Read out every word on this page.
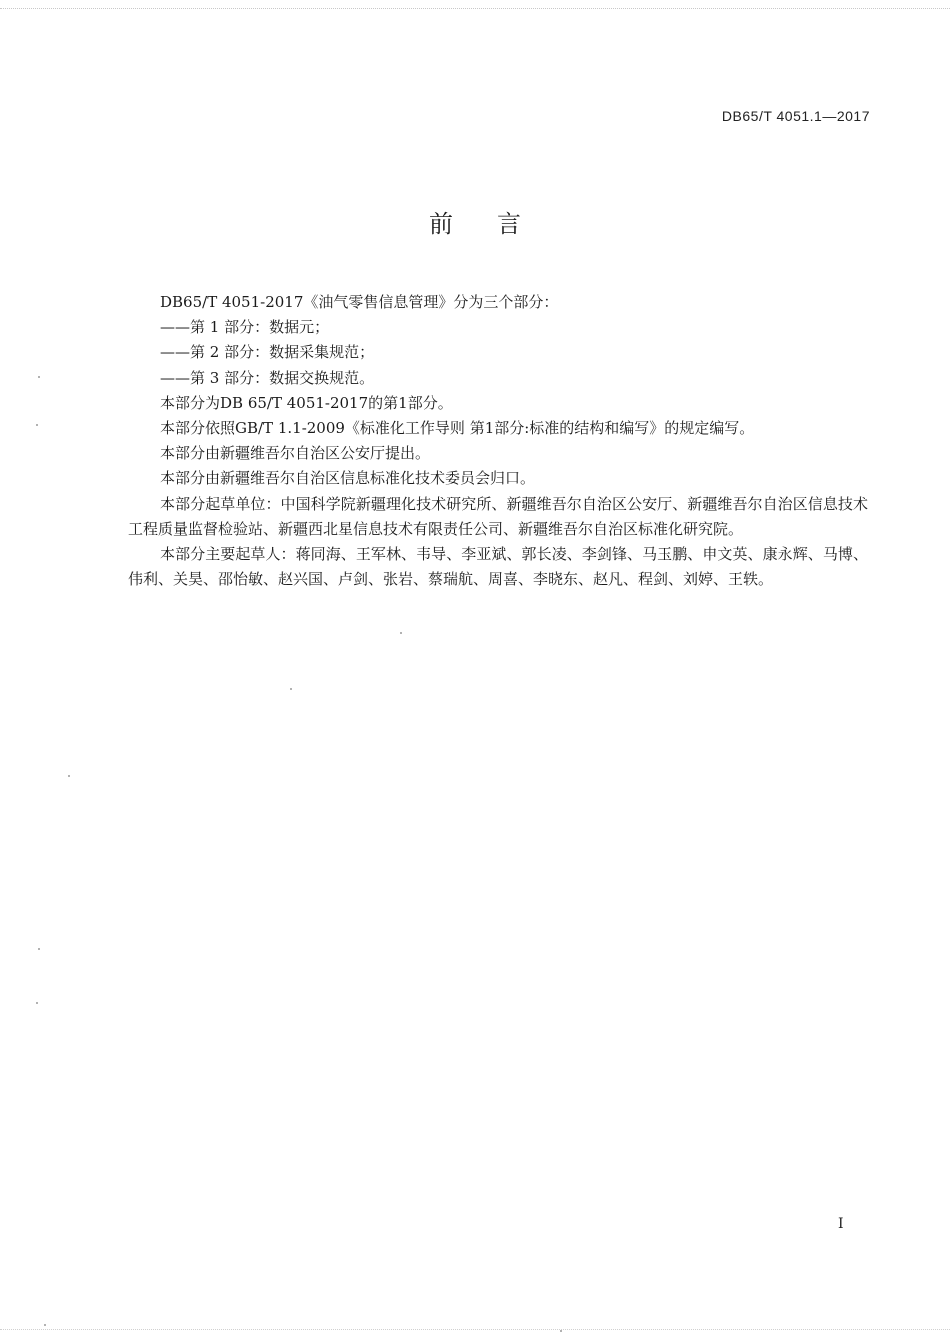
DB65/T 4051.1—2017
前言

DB65/T 4051-2017《油气零售信息管理》分为三个部分：

——第 1 部分：数据元；

——第 2 部分：数据采集规范；

——第 3 部分：数据交换规范。

本部分为DB 65/T 4051-2017的第1部分。

本部分依照GB/T 1.1-2009《标准化工作导则 第1部分:标准的结构和编写》的规定编写。

本部分由新疆维吾尔自治区公安厅提出。

本部分由新疆维吾尔自治区信息标准化技术委员会归口。

本部分起草单位：中国科学院新疆理化技术研究所、新疆维吾尔自治区公安厅、新疆维吾尔自治区信息技术工程质量监督检验站、新疆西北星信息技术有限责任公司、新疆维吾尔自治区标准化研究院。

本部分主要起草人：蒋同海、王军林、韦导、李亚斌、郭长凌、李剑锋、马玉鹏、申文英、康永辉、马博、伟利、关昊、邵怡敏、赵兴国、卢剑、张岩、蔡瑞航、周喜、李晓东、赵凡、程剑、刘婷、王轶。

I
